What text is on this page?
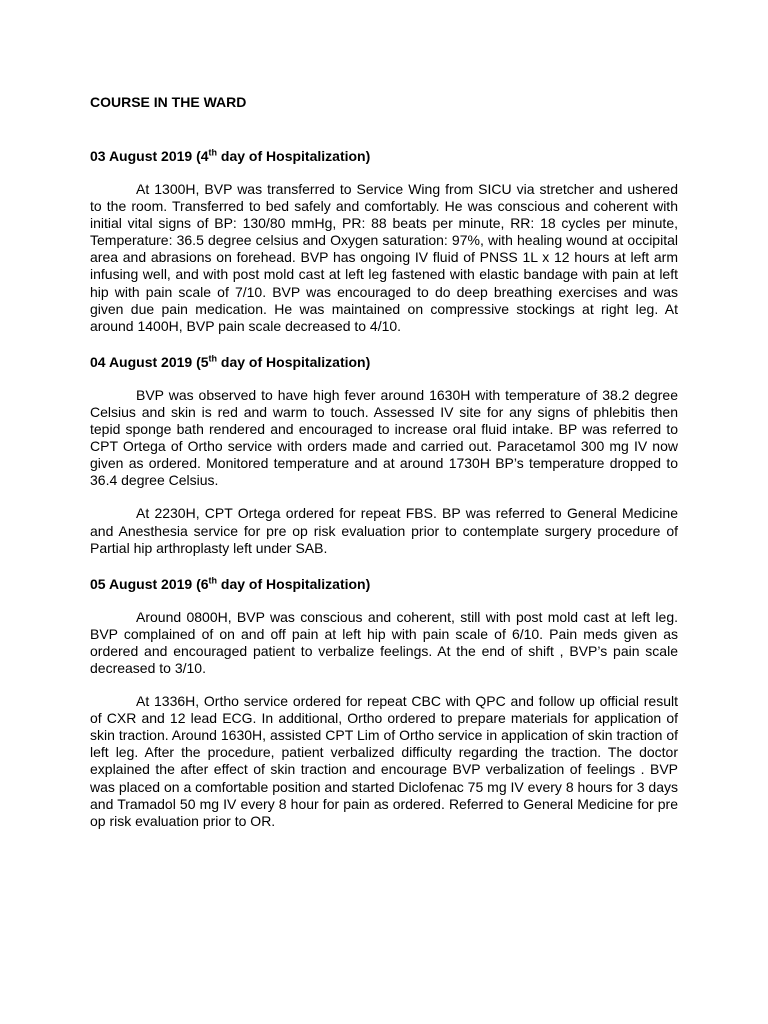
COURSE IN THE WARD
03 August 2019 (4th day of Hospitalization)

At 1300H, BVP was transferred to Service Wing from SICU via stretcher and ushered to the room. Transferred to bed safely and comfortably. He was conscious and coherent with initial vital signs of BP: 130/80 mmHg, PR: 88 beats per minute, RR: 18 cycles per minute, Temperature: 36.5 degree celsius and Oxygen saturation: 97%, with healing wound at occipital area and abrasions on forehead. BVP has ongoing IV fluid of PNSS 1L x 12 hours at left arm infusing well, and with post mold cast at left leg fastened with elastic bandage with pain at left hip with pain scale of 7/10. BVP was encouraged to do deep breathing exercises and was given due pain medication. He was maintained on compressive stockings at right leg. At around 1400H, BVP pain scale decreased to 4/10.

04 August 2019 (5th day of Hospitalization)

BVP was observed to have high fever around 1630H with temperature of 38.2 degree Celsius and skin is red and warm to touch. Assessed IV site for any signs of phlebitis then tepid sponge bath rendered and encouraged to increase oral fluid intake. BP was referred to CPT Ortega of Ortho service with orders made and carried out. Paracetamol 300 mg IV now given as ordered. Monitored temperature and at around 1730H BP’s temperature dropped to 36.4 degree Celsius.

At 2230H, CPT Ortega ordered for repeat FBS. BP was referred to General Medicine and Anesthesia service for pre op risk evaluation prior to contemplate surgery procedure of Partial hip arthroplasty left under SAB.

05 August 2019 (6th day of Hospitalization)

Around 0800H, BVP was conscious and coherent, still with post mold cast at left leg. BVP complained of on and off pain at left hip with pain scale of 6/10. Pain meds given as ordered and encouraged patient to verbalize feelings. At the end of shift , BVP’s pain scale decreased to 3/10.

At 1336H, Ortho service ordered for repeat CBC with QPC and follow up official result of CXR and 12 lead ECG. In additional, Ortho ordered to prepare materials for application of skin traction. Around 1630H, assisted CPT Lim of Ortho service in application of skin traction of left leg. After the procedure, patient verbalized difficulty regarding the traction. The doctor explained the after effect of skin traction and encourage BVP verbalization of feelings . BVP was placed on a comfortable position and started Diclofenac 75 mg IV every 8 hours for 3 days and Tramadol 50 mg IV every 8 hour for pain as ordered. Referred to General Medicine for pre op risk evaluation prior to OR.
